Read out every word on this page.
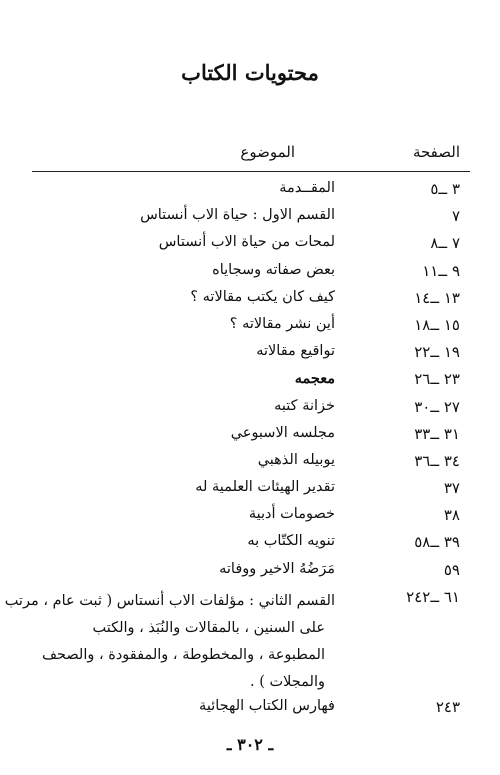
محتويات الكتاب
الصفحة
الموضوع
٣ ــ٥
المقــدمة
٧
القسم الاول : حياة الاب أنستاس
٧ ــ٨
لمحات من حياة الاب أنستاس
٩ ــ١١
بعض صفاته وسجاياه
١٣ ــ١٤
كيف كان يكتب مقالاته ؟
١٥ ــ١٨
أين نشر مقالاته ؟
١٩ ــ٢٢
تواقيع مقالاته
٢٣ ــ٢٦
معجمه
٢٧ ــ٣٠
خزانة كتبه
٣١ ــ٣٣
مجلسه الاسبوعي
٣٤ ــ٣٦
يوبيله الذهبي
٣٧
تقدير الهيئات العلمية له
٣٨
خصومات أدبية
٣٩ ــ٥٨
تنويه الكتّاب به
٥٩
مَرَضُهُ الاخير ووفاته
٦١ ــ٢٤٢
القسم الثاني : مؤلفات الاب أنستاس ( ثبت عام ، مرتب
على السنين ، بالمقالات والنُبَذ ، والكتب
المطبوعة ، والمخطوطة ، والمفقودة ، والصحف
والمجلات ) .
٢٤٣
فهارس الكتاب الهجائية
ـ ٣٠٢ ـ
